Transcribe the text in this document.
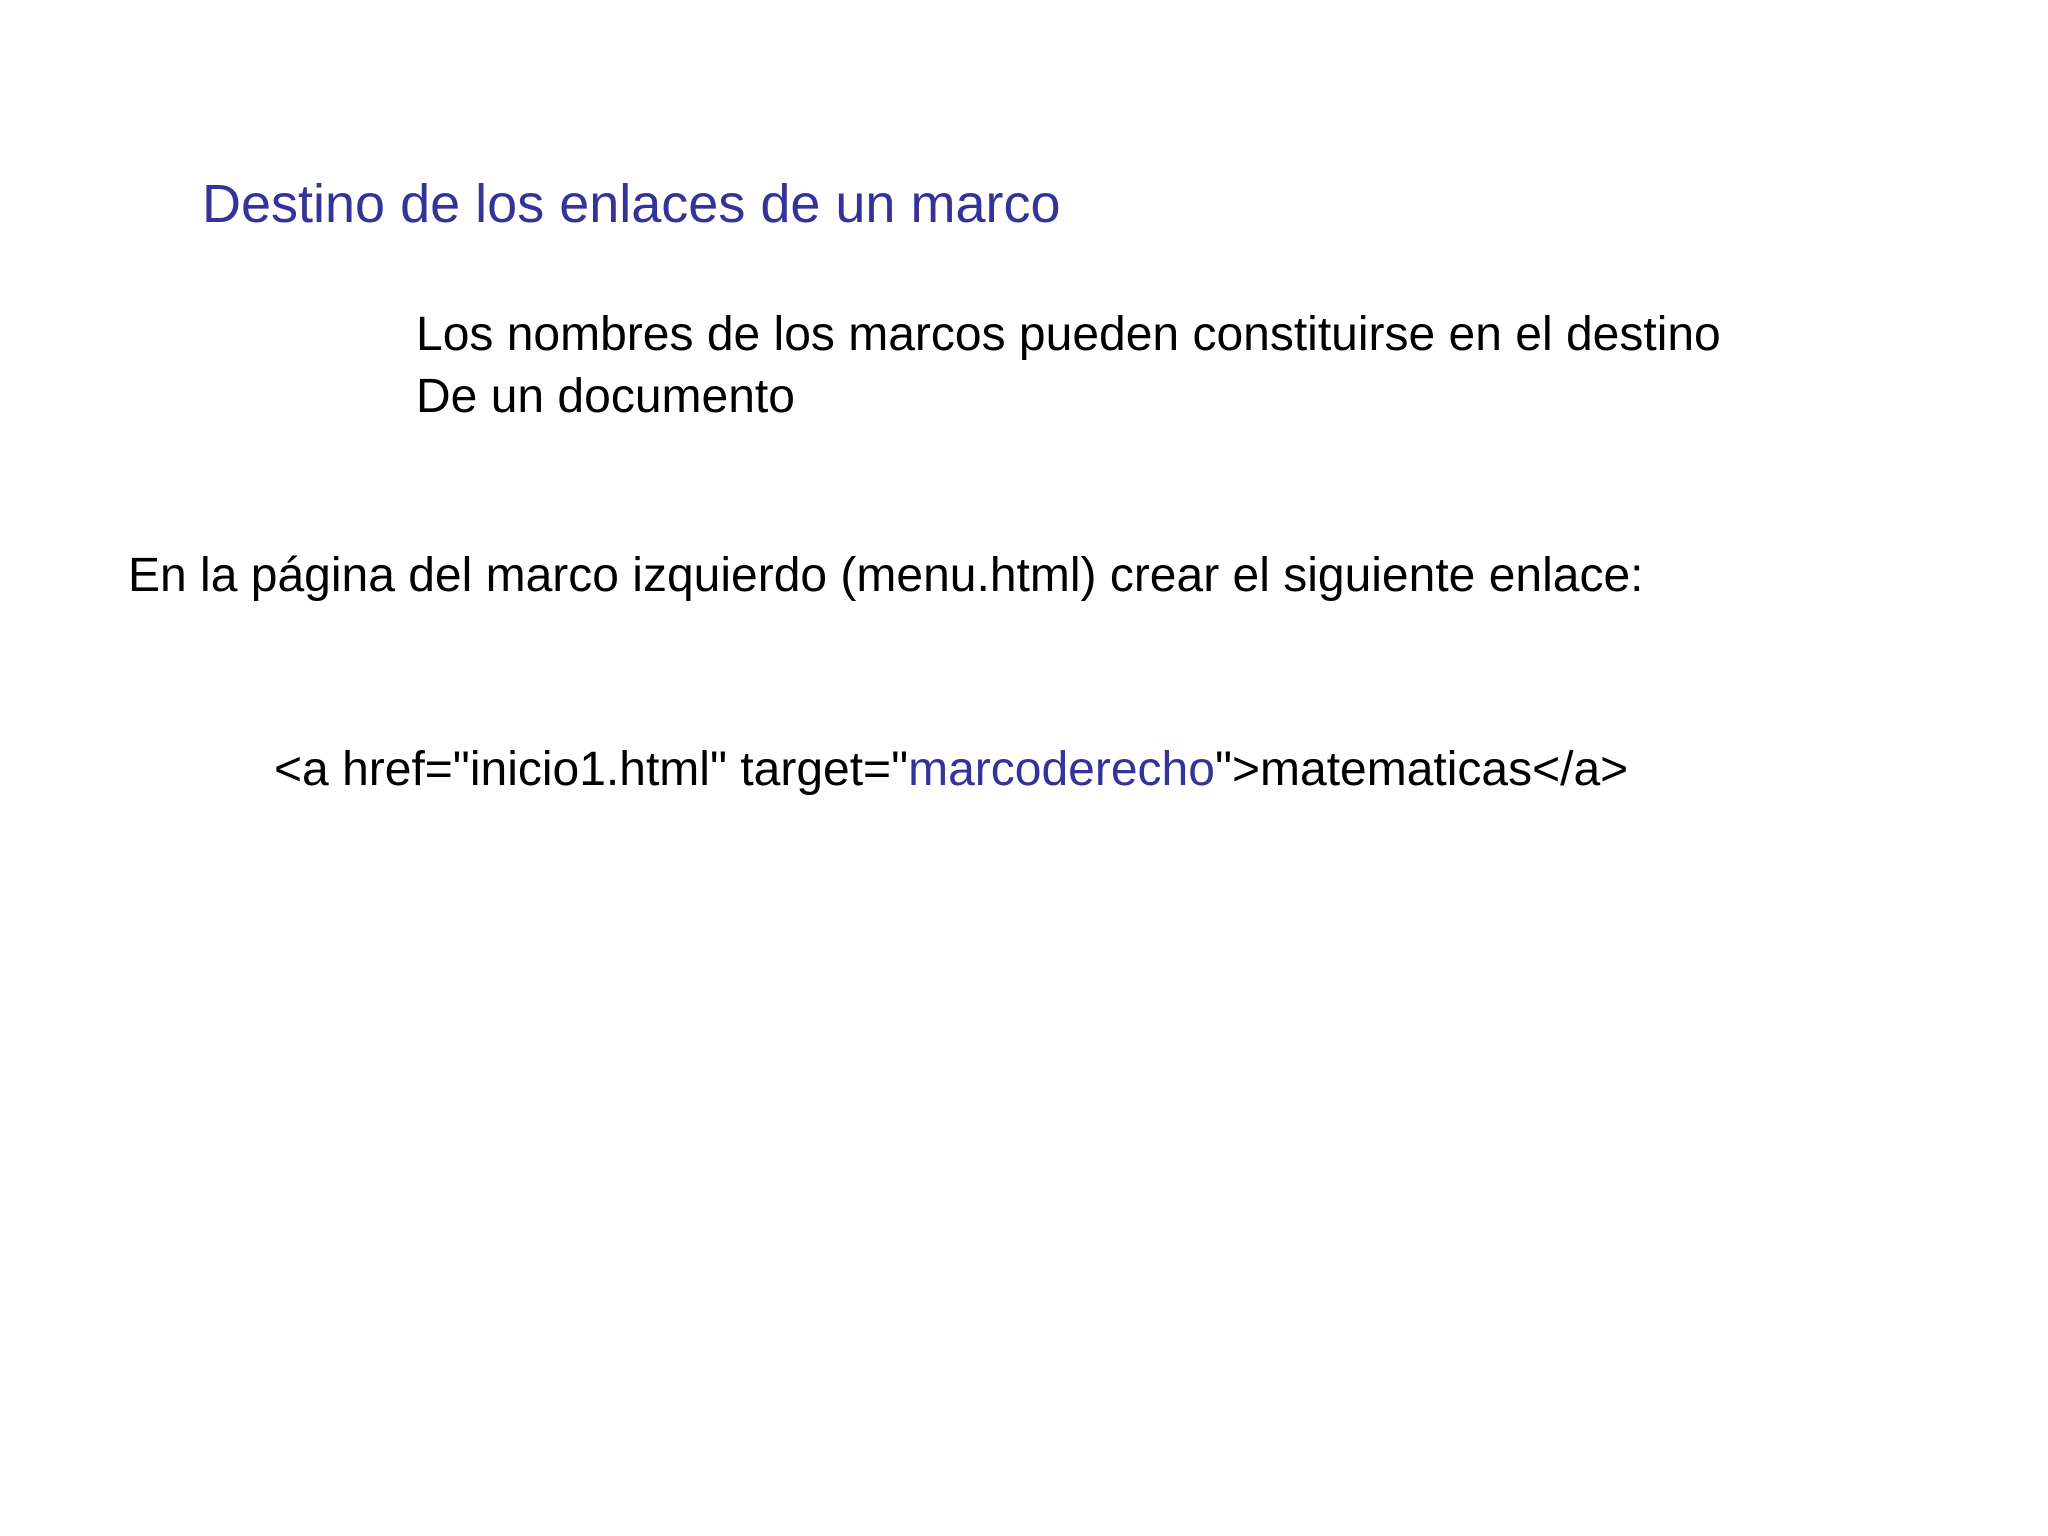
Destino de los enlaces de un marco
Los nombres de los marcos pueden constituirse en el destino
De un documento
En la página del marco izquierdo (menu.html) crear el siguiente enlace:
<a href="inicio1.html" target="marcoderecho">matematicas</a>
